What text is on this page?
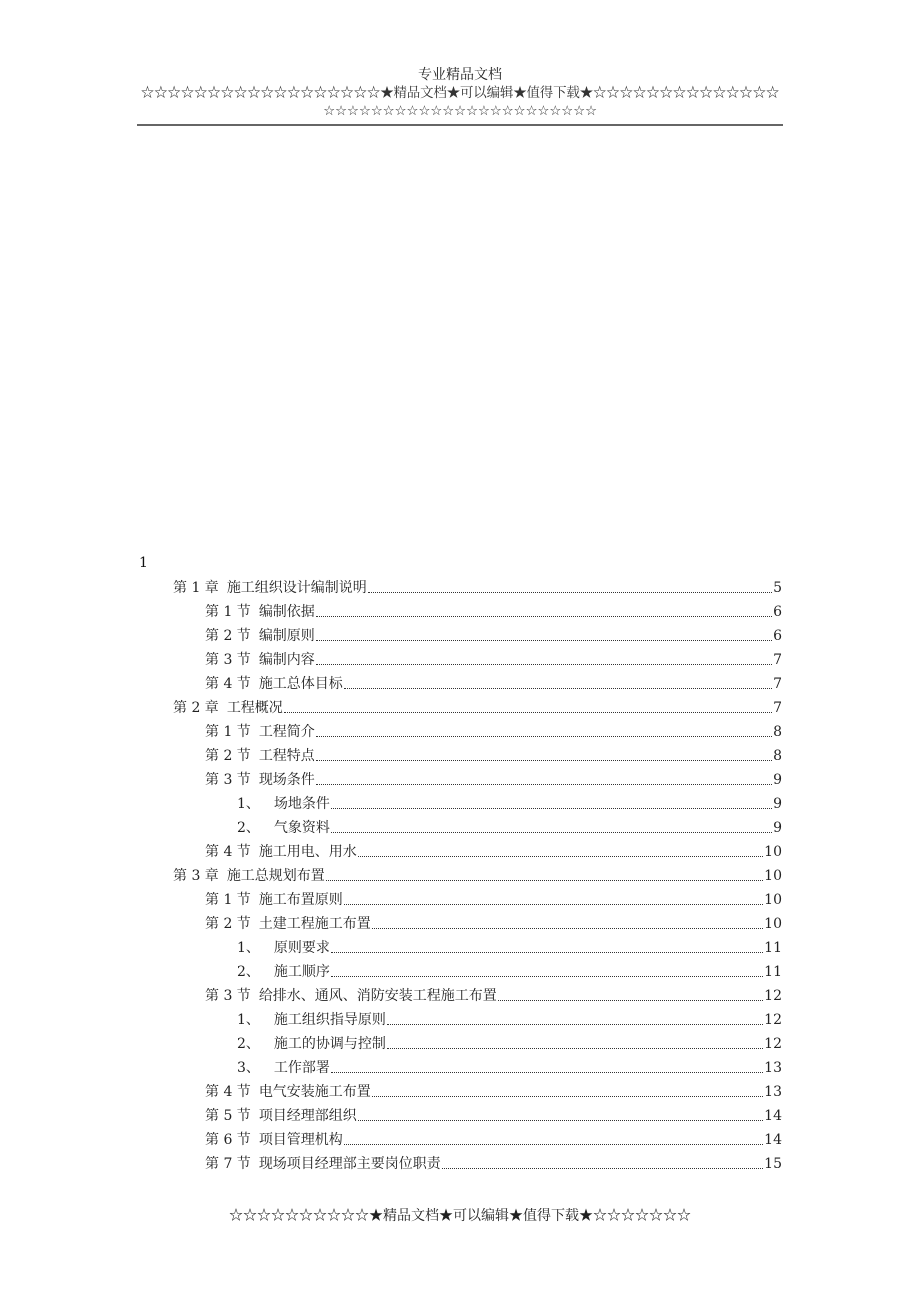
专业精品文档
☆☆☆☆☆☆☆☆☆☆☆☆☆☆☆☆☆☆★精品文档★可以编辑★值得下载★☆☆☆☆☆☆☆☆☆☆☆☆☆☆
☆☆☆☆☆☆☆☆☆☆☆☆☆☆☆☆☆☆☆☆☆☆☆
1
第 1 章 施工组织设计编制说明	5
第 1 节 编制依据	6
第 2 节 编制原则	6
第 3 节 编制内容	7
第 4 节 施工总体目标	7
第 2 章 工程概况	7
第 1 节 工程简介	8
第 2 节 工程特点	8
第 3 节 现场条件	9
1、 场地条件	9
2、 气象资料	9
第 4 节 施工用电、用水	10
第 3 章 施工总规划布置	10
第 1 节 施工布置原则	10
第 2 节 土建工程施工布置	10
1、 原则要求	11
2、 施工顺序	11
第 3 节 给排水、通风、消防安装工程施工布置	12
1、 施工组织指导原则	12
2、 施工的协调与控制	12
3、 工作部署	13
第 4 节 电气安装施工布置	13
第 5 节 项目经理部组织	14
第 6 节 项目管理机构	14
第 7 节 现场项目经理部主要岗位职责	15
☆☆☆☆☆☆☆☆☆☆★精品文档★可以编辑★值得下载★☆☆☆☆☆☆☆
